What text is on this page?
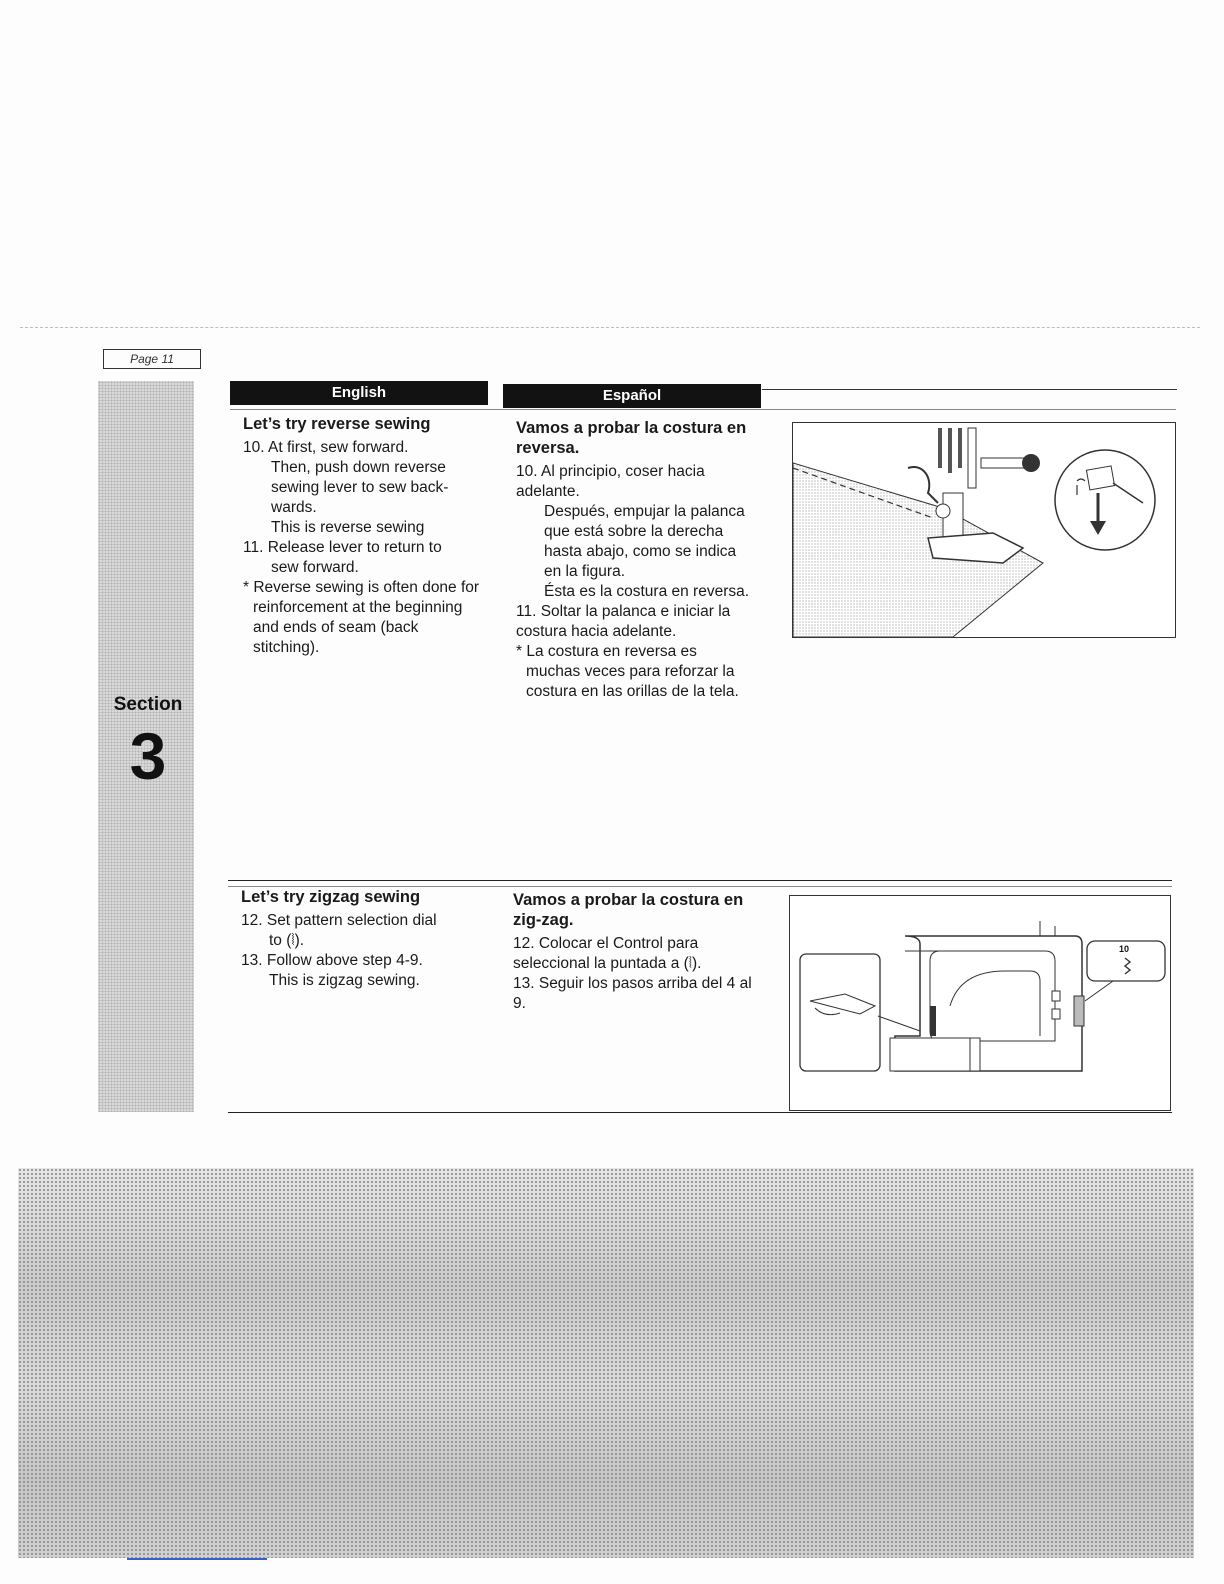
Page 11
Section
3
English	Español
Let’s try reverse sewing

10. At first, sew forward.

Then, push down reverse sewing lever to sew back-wards.

This is reverse sewing

11. Release lever to return to

sew forward.

* Reverse sewing is often done for reinforcement at the beginning and ends of seam (back stitching).

Vamos a probar la costura en reversa.

10. Al principio, coser hacia adelante.

Después, empujar la palanca que está sobre la derecha hasta abajo, como se indica en la figura.

Ésta es la costura en reversa.

11. Soltar la palanca e iniciar la costura hacia adelante.

* La costura en reversa es muchas veces para reforzar la costura en las orillas de la tela.

Let’s try zigzag sewing

12. Set pattern selection dial

to (⦚).

13. Follow above step 4-9.

This is zigzag sewing.

Vamos a probar la costura en zig-zag.

12. Colocar el Control para seleccional la puntada a (⦚).

13. Seguir los pasos arriba del 4 al 9.

10
